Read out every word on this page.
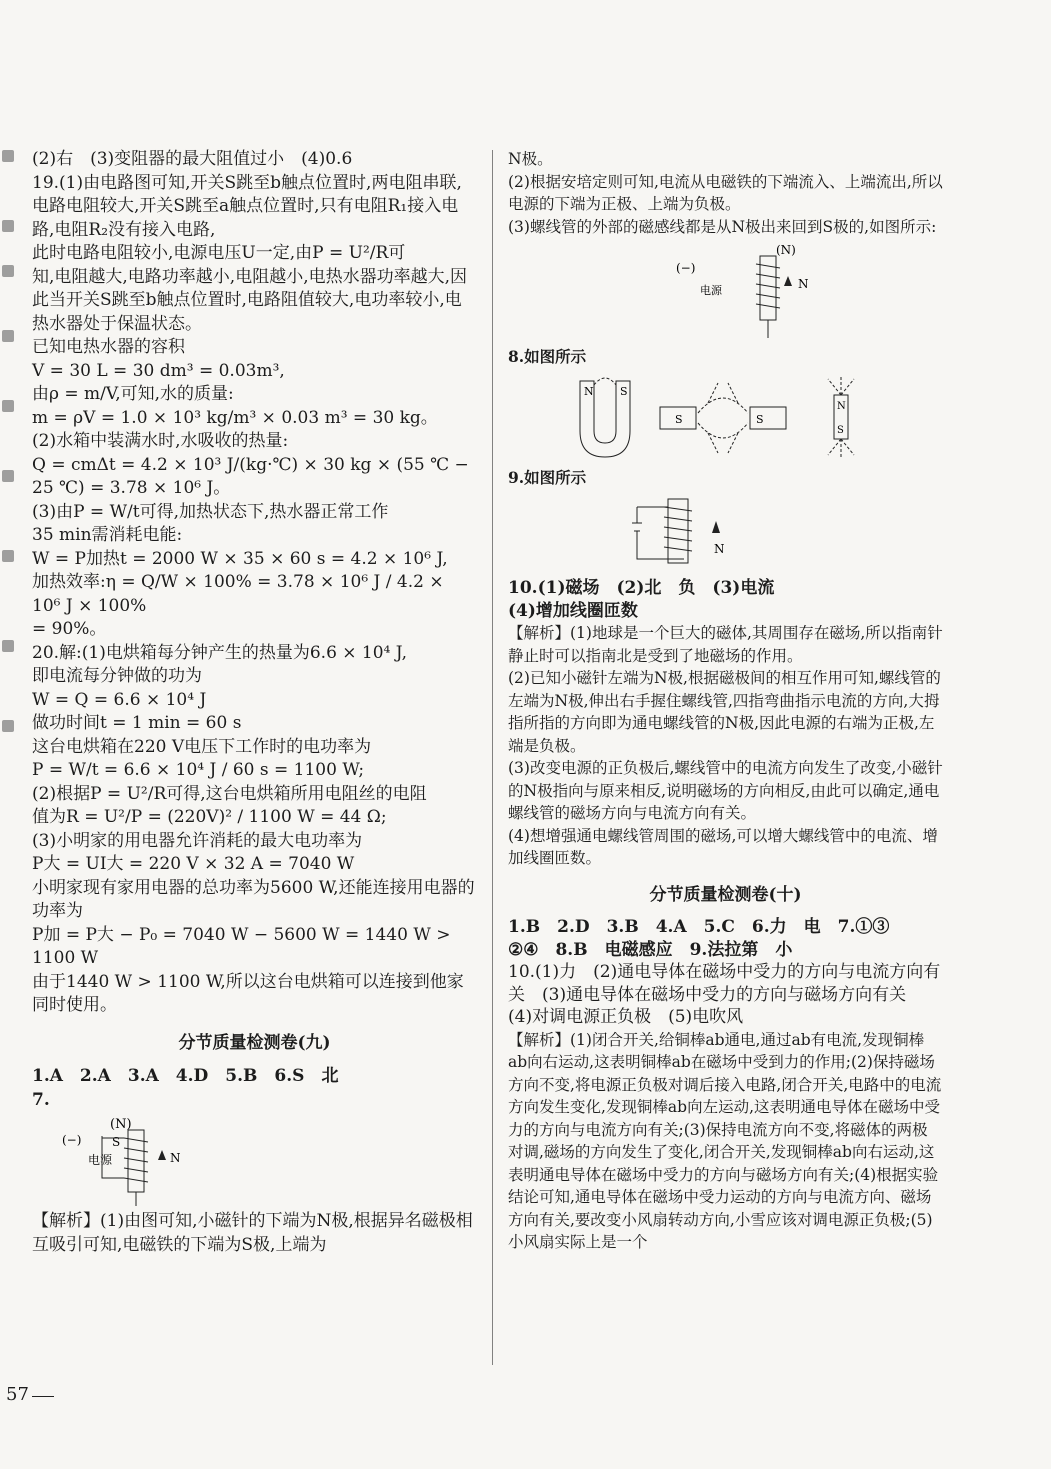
(2)右　(3)变阻器的最大阻值过小　(4)0.6

19.(1)由电路图可知,开关S跳至b触点位置时,两电阻串联,电路电阻较大,开关S跳至a触点位置时,只有电阻R₁接入电路,电阻R₂没有接入电路,

此时电路电阻较小,电源电压U一定,由P = U²/R可

知,电阻越大,电路功率越小,电阻越小,电热水器功率越大,因此当开关S跳至b触点位置时,电路阻值较大,电功率较小,电热水器处于保温状态。

已知电热水器的容积

V = 30 L = 30 dm³ = 0.03m³,

由ρ = m/V,可知,水的质量:

m = ρV = 1.0 × 10³ kg/m³ × 0.03 m³ = 30 kg。

(2)水箱中装满水时,水吸收的热量:

Q = cmΔt = 4.2 × 10³ J/(kg·℃) × 30 kg × (55 ℃ − 25 ℃) = 3.78 × 10⁶ J。

(3)由P = W/t可得,加热状态下,热水器正常工作

35 min需消耗电能:

W = P加热t = 2000 W × 35 × 60 s = 4.2 × 10⁶ J,

加热效率:η = Q/W × 100% = 3.78 × 10⁶ J / 4.2 × 10⁶ J × 100%

= 90%。

20.解:(1)电烘箱每分钟产生的热量为6.6 × 10⁴ J,

即电流每分钟做的功为

W = Q = 6.6 × 10⁴ J

做功时间t = 1 min = 60 s

这台电烘箱在220 V电压下工作时的电功率为

P = W/t = 6.6 × 10⁴ J / 60 s = 1100 W;

(2)根据P = U²/R可得,这台电烘箱所用电阻丝的电阻

值为R = U²/P = (220V)² / 1100 W = 44 Ω;

(3)小明家的用电器允许消耗的最大电功率为

P大 = UI大 = 220 V × 32 A = 7040 W

小明家现有家用电器的总功率为5600 W,还能连接用电器的功率为

P加 = P大 − P₀ = 7040 W − 5600 W = 1440 W > 1100 W

由于1440 W > 1100 W,所以这台电烘箱可以连接到他家同时使用。

分节质量检测卷(九)

1.A　2.A　3.A　4.D　5.B　6.S　北

7.

(N)
(−)	S
电源	N

【解析】(1)由图可知,小磁针的下端为N极,根据异名磁极相互吸引可知,电磁铁的下端为S极,上端为

N极。

(2)根据安培定则可知,电流从电磁铁的下端流入、上端流出,所以电源的下端为正极、上端为负极。

(3)螺线管的外部的磁感线都是从N极出来回到S极的,如图所示:

(N)
(−)
电源	N

8.如图所示

N S
S	S
N
S

9.如图所示

N

10.(1)磁场　(2)北　负　(3)电流

(4)增加线圈匝数

【解析】(1)地球是一个巨大的磁体,其周围存在磁场,所以指南针静止时可以指南北是受到了地磁场的作用。

(2)已知小磁针左端为N极,根据磁极间的相互作用可知,螺线管的左端为N极,伸出右手握住螺线管,四指弯曲指示电流的方向,大拇指所指的方向即为通电螺线管的N极,因此电源的右端为正极,左端是负极。

(3)改变电源的正负极后,螺线管中的电流方向发生了改变,小磁针的N极指向与原来相反,说明磁场的方向相反,由此可以确定,通电螺线管的磁场方向与电流方向有关。

(4)想增强通电螺线管周围的磁场,可以增大螺线管中的电流、增加线圈匝数。

分节质量检测卷(十)

1.B　2.D　3.B　4.A　5.C　6.力　电　7.①③

②④　8.B　电磁感应　9.法拉第　小

10.(1)力　(2)通电导体在磁场中受力的方向与电流方向有关　(3)通电导体在磁场中受力的方向与磁场方向有关　(4)对调电源正负极　(5)电吹风

【解析】(1)闭合开关,给铜棒ab通电,通过ab有电流,发现铜棒ab向右运动,这表明铜棒ab在磁场中受到力的作用;(2)保持磁场方向不变,将电源正负极对调后接入电路,闭合开关,电路中的电流方向发生变化,发现铜棒ab向左运动,这表明通电导体在磁场中受力的方向与电流方向有关;(3)保持电流方向不变,将磁体的两极对调,磁场的方向发生了变化,闭合开关,发现铜棒ab向右运动,这表明通电导体在磁场中受力的方向与磁场方向有关;(4)根据实验结论可知,通电导体在磁场中受力运动的方向与电流方向、磁场方向有关,要改变小风扇转动方向,小雪应该对调电源正负极;(5)小风扇实际上是一个

57
